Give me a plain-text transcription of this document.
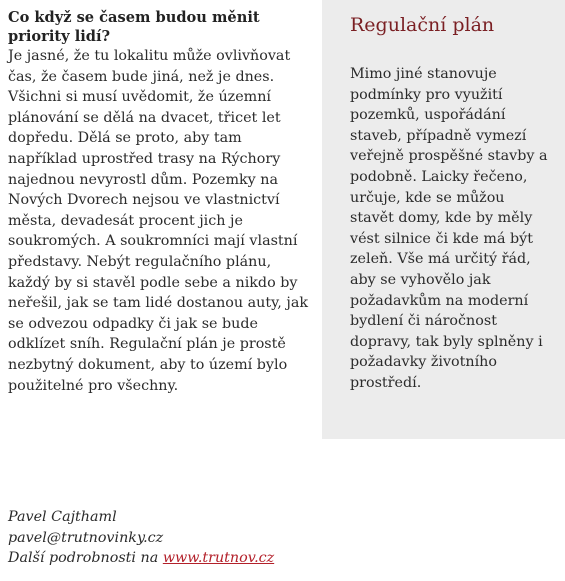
Co když se časem budou měnit priority lidí?

Je jasné, že tu lokalitu může ovlivňovat čas, že časem bude jiná, než je dnes. Všichni si musí uvědomit, že územní plánování se dělá na dvacet, třicet let dopředu. Dělá se proto, aby tam například uprostřed trasy na Rýchory najednou nevyrostl dům. Pozemky na Nových Dvorech nejsou ve vlastnictví města, devadesát procent jich je soukromých. A soukromníci mají vlastní představy. Nebýt regulačního plánu, každý by si stavěl podle sebe a nikdo by neřešil, jak se tam lidé dostanou auty, jak se odvezou odpadky či jak se bude odklízet sníh. Regulační plán je prostě nezbytný dokument, aby to území bylo použitelné pro všechny.

Pavel Cajthaml
pavel@trutnovinky.cz
Další podrobnosti na www.trutnov.cz
Regulační plán

Mimo jiné stanovuje podmínky pro využití pozemků, uspořádání staveb, případně vymezí veřejně prospěšné stavby a podobně. Laicky řečeno, určuje, kde se můžou stavět domy, kde by měly vést silnice či kde má být zeleň. Vše má určitý řád, aby se vyhovělo jak požadavkům na moderní bydlení či náročnost dopravy, tak byly splněny i požadavky životního prostředí.
